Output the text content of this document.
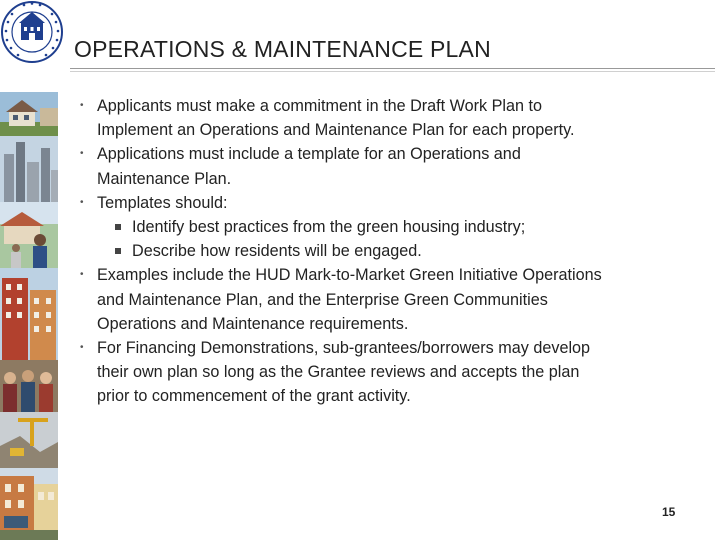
OPERATIONS & MAINTENANCE PLAN
• Applicants must make a commitment in the Draft Work Plan to
Implement an Operations and Maintenance Plan for each property.
• Applications must include a template for an Operations and
Maintenance Plan.
• Templates should:
Identify best practices from the green housing industry;
Describe how residents will be engaged.
• Examples include the HUD Mark-to-Market Green Initiative Operations
and Maintenance Plan, and the Enterprise Green Communities
Operations and Maintenance requirements.
• For Financing Demonstrations, sub-grantees/borrowers may develop
their own plan so long as the Grantee reviews and accepts the plan
prior to commencement of the grant activity.
15
